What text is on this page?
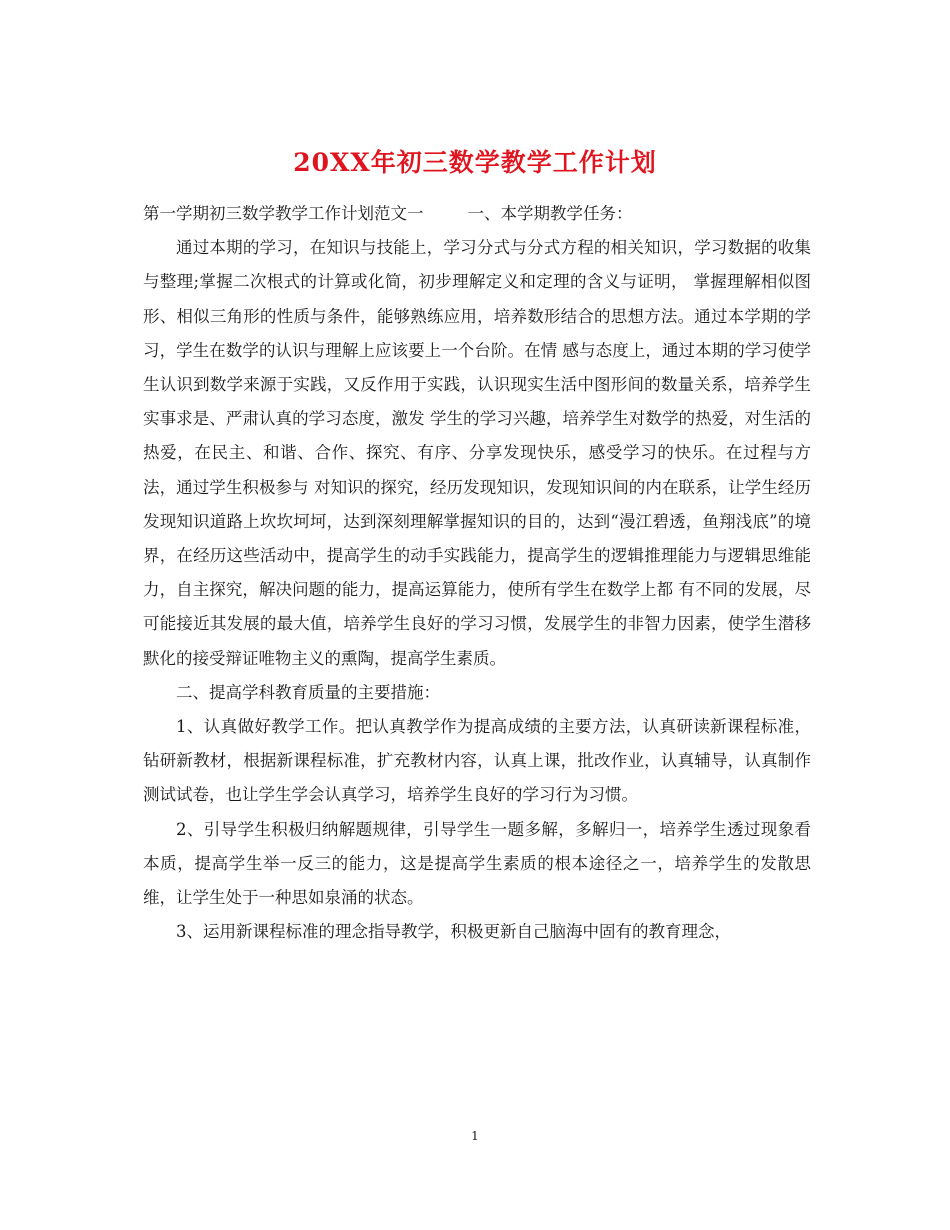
20XX年初三数学教学工作计划

第一学期初三数学教学工作计划范文一	一、本学期教学任务：

通过本期的学习，在知识与技能上，学习分式与分式方程的相关知识，学习数据的收集与整理;掌握二次根式的计算或化简，初步理解定义和定理的含义与证明， 掌握理解相似图形、相似三角形的性质与条件，能够熟练应用，培养数形结合的思想方法。通过本学期的学习，学生在数学的认识与理解上应该要上一个台阶。在情 感与态度上，通过本期的学习使学生认识到数学来源于实践，又反作用于实践，认识现实生活中图形间的数量关系，培养学生实事求是、严肃认真的学习态度，激发 学生的学习兴趣，培养学生对数学的热爱，对生活的热爱，在民主、和谐、合作、探究、有序、分享发现快乐，感受学习的快乐。在过程与方法，通过学生积极参与 对知识的探究，经历发现知识，发现知识间的内在联系，让学生经历发现知识道路上坎坎坷坷，达到深刻理解掌握知识的目的，达到“漫江碧透，鱼翔浅底”的境 界，在经历这些活动中，提高学生的动手实践能力，提高学生的逻辑推理能力与逻辑思维能力，自主探究，解决问题的能力，提高运算能力，使所有学生在数学上都 有不同的发展，尽可能接近其发展的最大值，培养学生良好的学习习惯，发展学生的非智力因素，使学生潜移默化的接受辩证唯物主义的熏陶，提高学生素质。

二、提高学科教育质量的主要措施：

1、认真做好教学工作。把认真教学作为提高成绩的主要方法，认真研读新课程标准，钻研新教材，根据新课程标准，扩充教材内容，认真上课，批改作业，认真辅导，认真制作测试试卷，也让学生学会认真学习，培养学生良好的学习行为习惯。

2、引导学生积极归纳解题规律，引导学生一题多解，多解归一，培养学生透过现象看本质，提高学生举一反三的能力，这是提高学生素质的根本途径之一，培养学生的发散思维，让学生处于一种思如泉涌的状态。

3、运用新课程标准的理念指导教学，积极更新自己脑海中固有的教育理念，

1
